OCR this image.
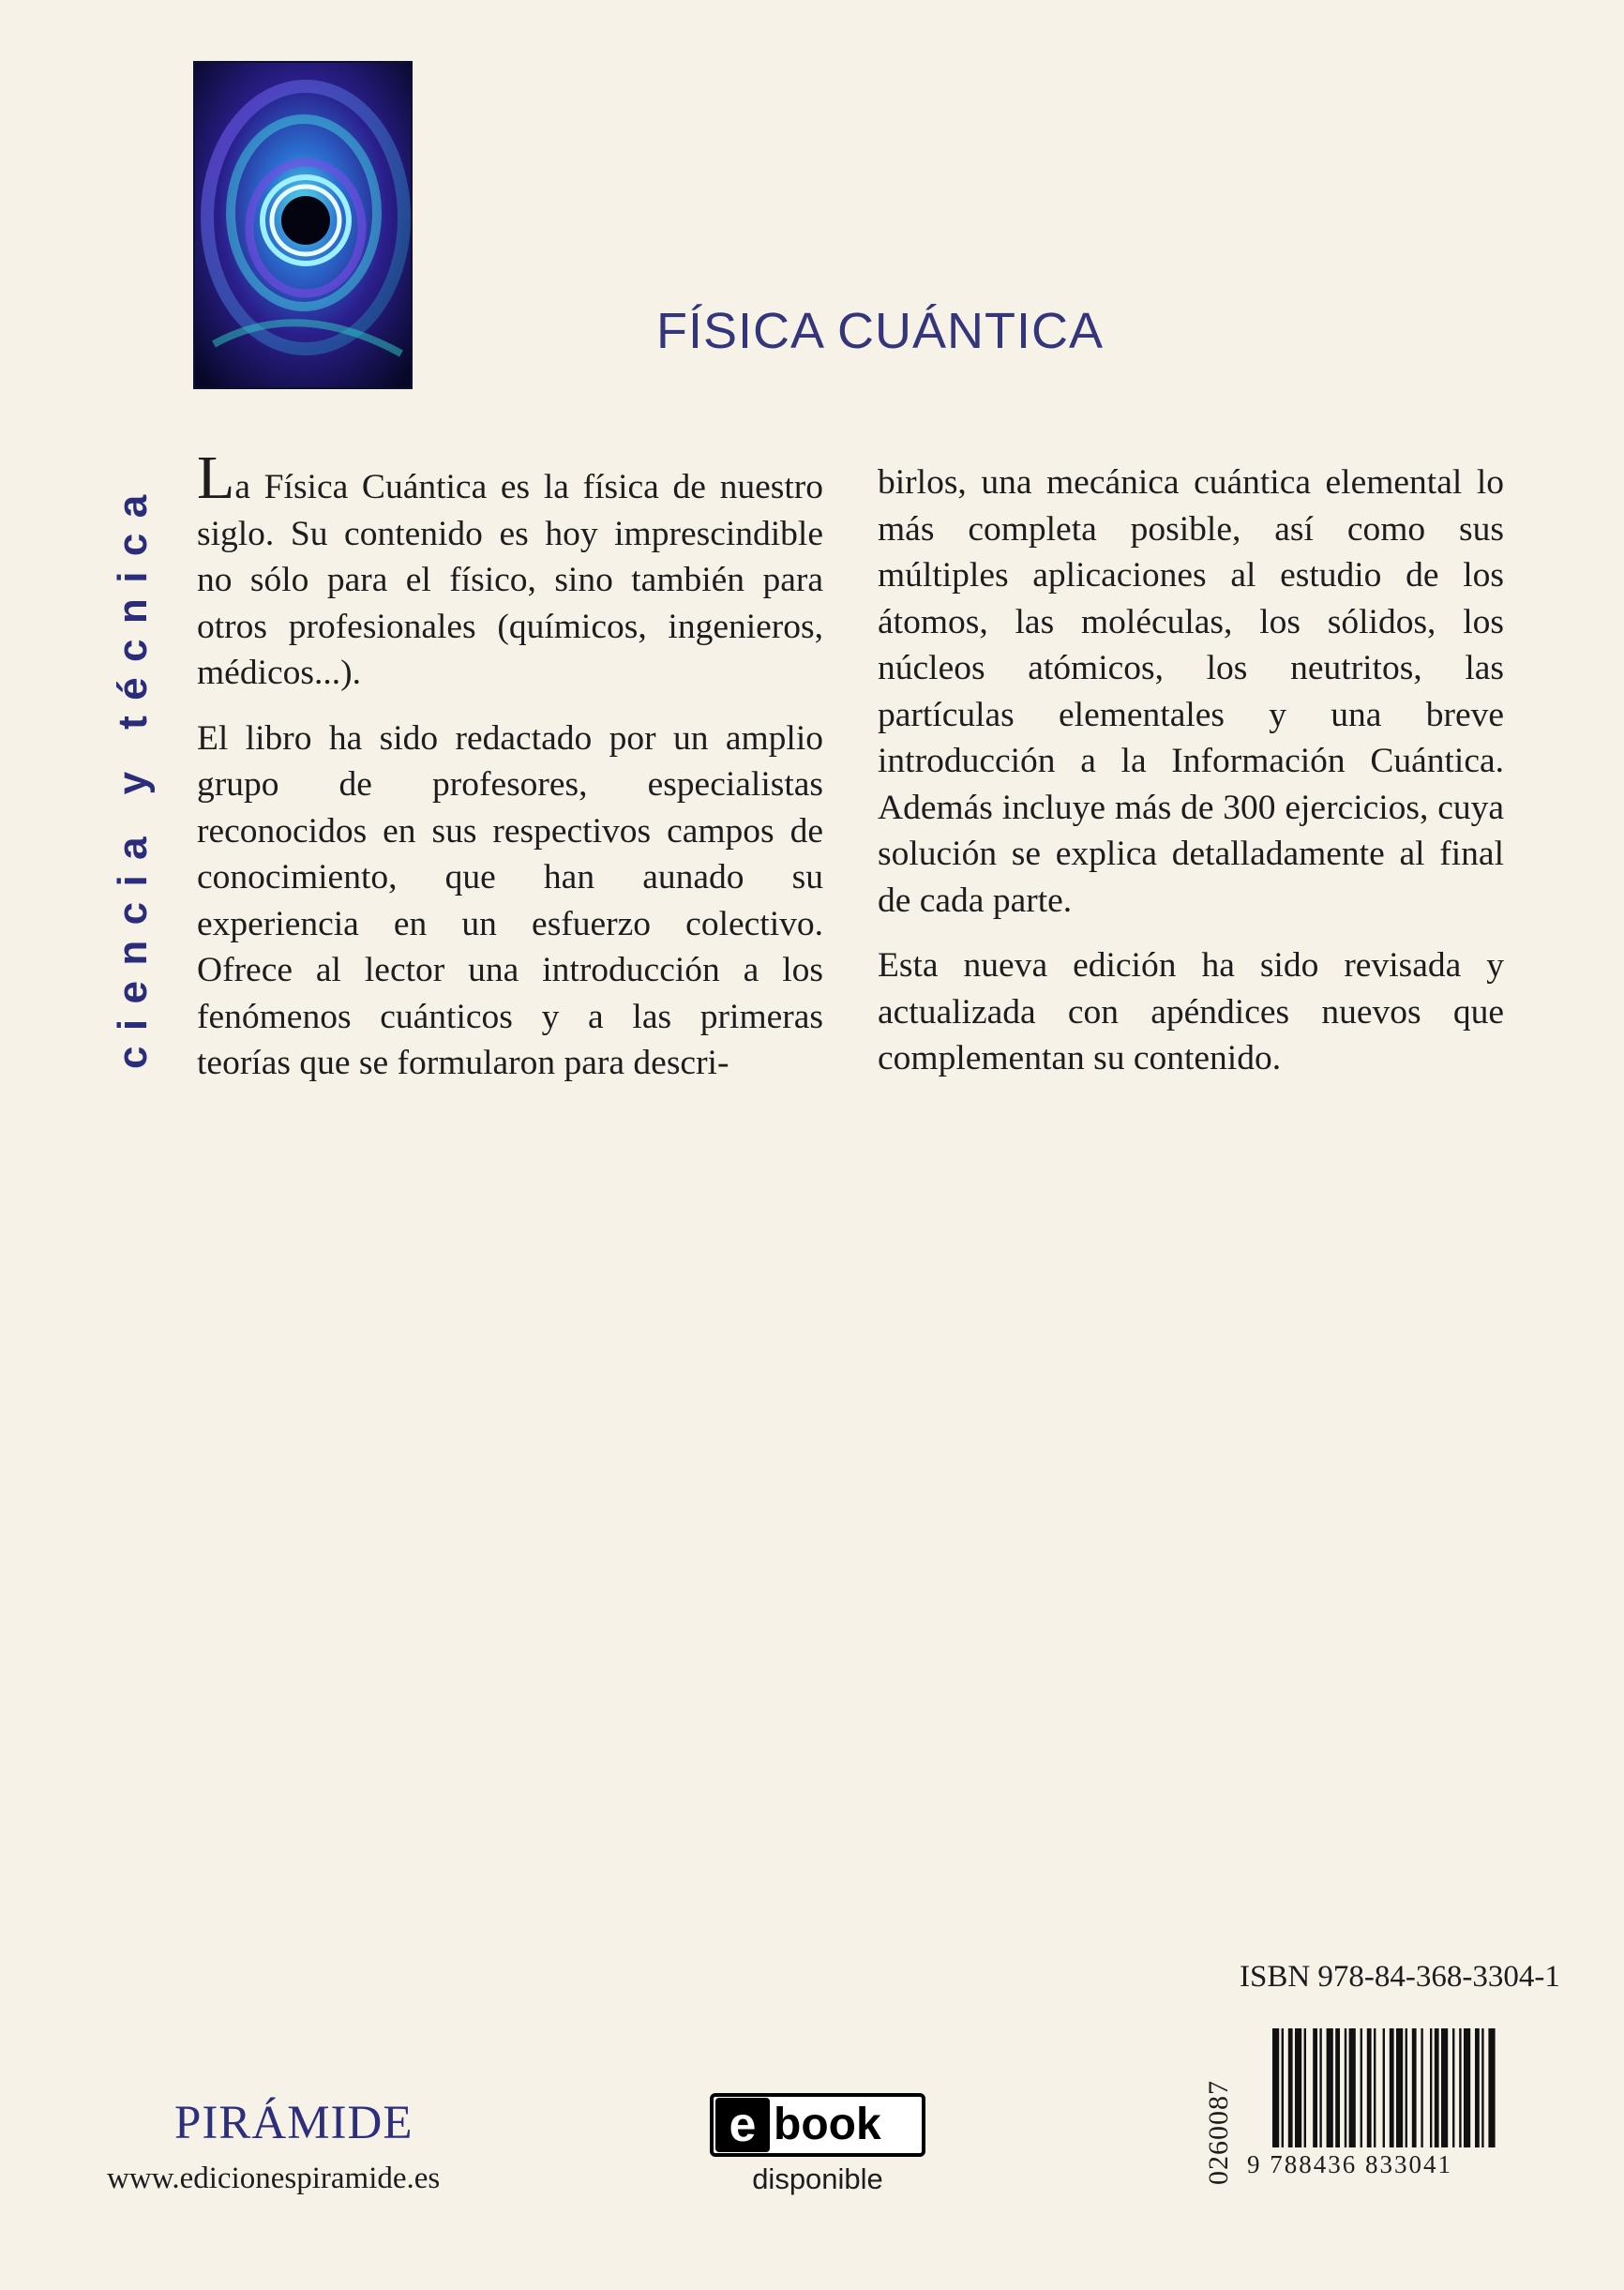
FÍSICA CUÁNTICA
ciencia y técnica

La Física Cuántica es la física de nuestro siglo. Su contenido es hoy imprescindible no sólo para el físico, sino también para otros profesionales (químicos, ingenieros, médicos...).

El libro ha sido redactado por un amplio grupo de profesores, especialistas reconocidos en sus respectivos campos de conocimiento, que han aunado su experiencia en un esfuerzo colectivo. Ofrece al lector una introducción a los fenómenos cuánticos y a las primeras teorías que se formularon para descri-

birlos, una mecánica cuántica elemental lo más completa posible, así como sus múltiples aplicaciones al estudio de los átomos, las moléculas, los sólidos, los núcleos atómicos, los neutritos, las partículas elementales y una breve introducción a la Información Cuántica. Además incluye más de 300 ejercicios, cuya solución se explica detalladamente al final de cada parte.

Esta nueva edición ha sido revisada y actualizada con apéndices nuevos que complementan su contenido.

ISBN 978-84-368-3304-1
0260087 9 788436 833041
PIRÁMIDE
www.edicionespiramide.es
e book
disponible
